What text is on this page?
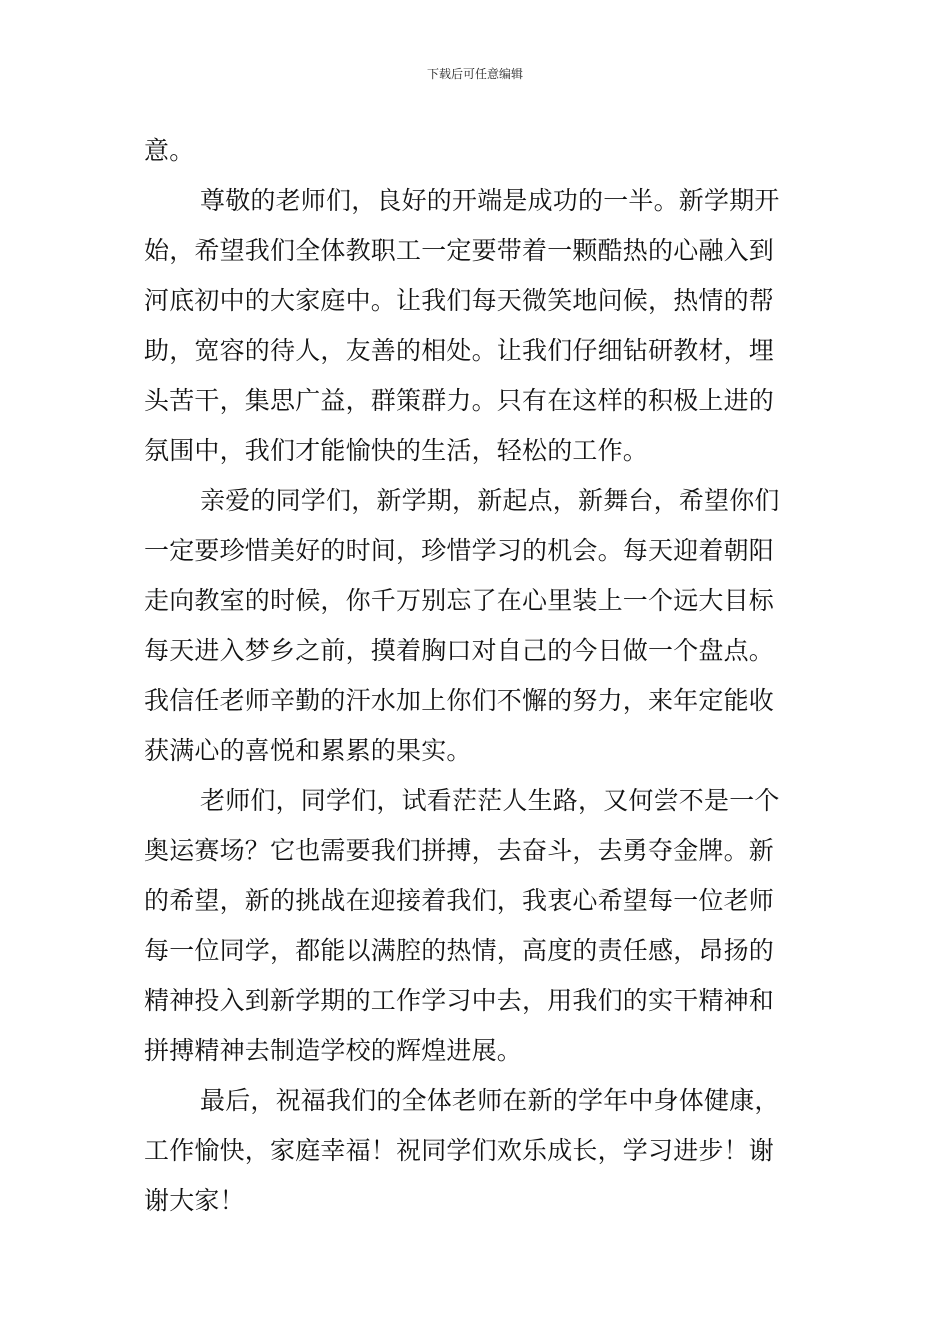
下载后可任意编辑
意。
尊敬的老师们，良好的开端是成功的一半。新学期开
始，希望我们全体教职工一定要带着一颗酷热的心融入到
河底初中的大家庭中。让我们每天微笑地问候，热情的帮
助，宽容的待人，友善的相处。让我们仔细钻研教材，埋
头苦干，集思广益，群策群力。只有在这样的积极上进的
氛围中，我们才能愉快的生活，轻松的工作。
亲爱的同学们，新学期，新起点，新舞台，希望你们
一定要珍惜美好的时间，珍惜学习的机会。每天迎着朝阳
走向教室的时候，你千万别忘了在心里装上一个远大目标
每天进入梦乡之前，摸着胸口对自己的今日做一个盘点。
我信任老师辛勤的汗水加上你们不懈的努力，来年定能收
获满心的喜悦和累累的果实。
老师们，同学们，试看茫茫人生路，又何尝不是一个
奥运赛场？它也需要我们拼搏，去奋斗，去勇夺金牌。新
的希望，新的挑战在迎接着我们，我衷心希望每一位老师
每一位同学，都能以满腔的热情，高度的责任感，昂扬的
精神投入到新学期的工作学习中去，用我们的实干精神和
拼搏精神去制造学校的辉煌进展。
最后，祝福我们的全体老师在新的学年中身体健康，
工作愉快，家庭幸福！祝同学们欢乐成长，学习进步！谢
谢大家！
